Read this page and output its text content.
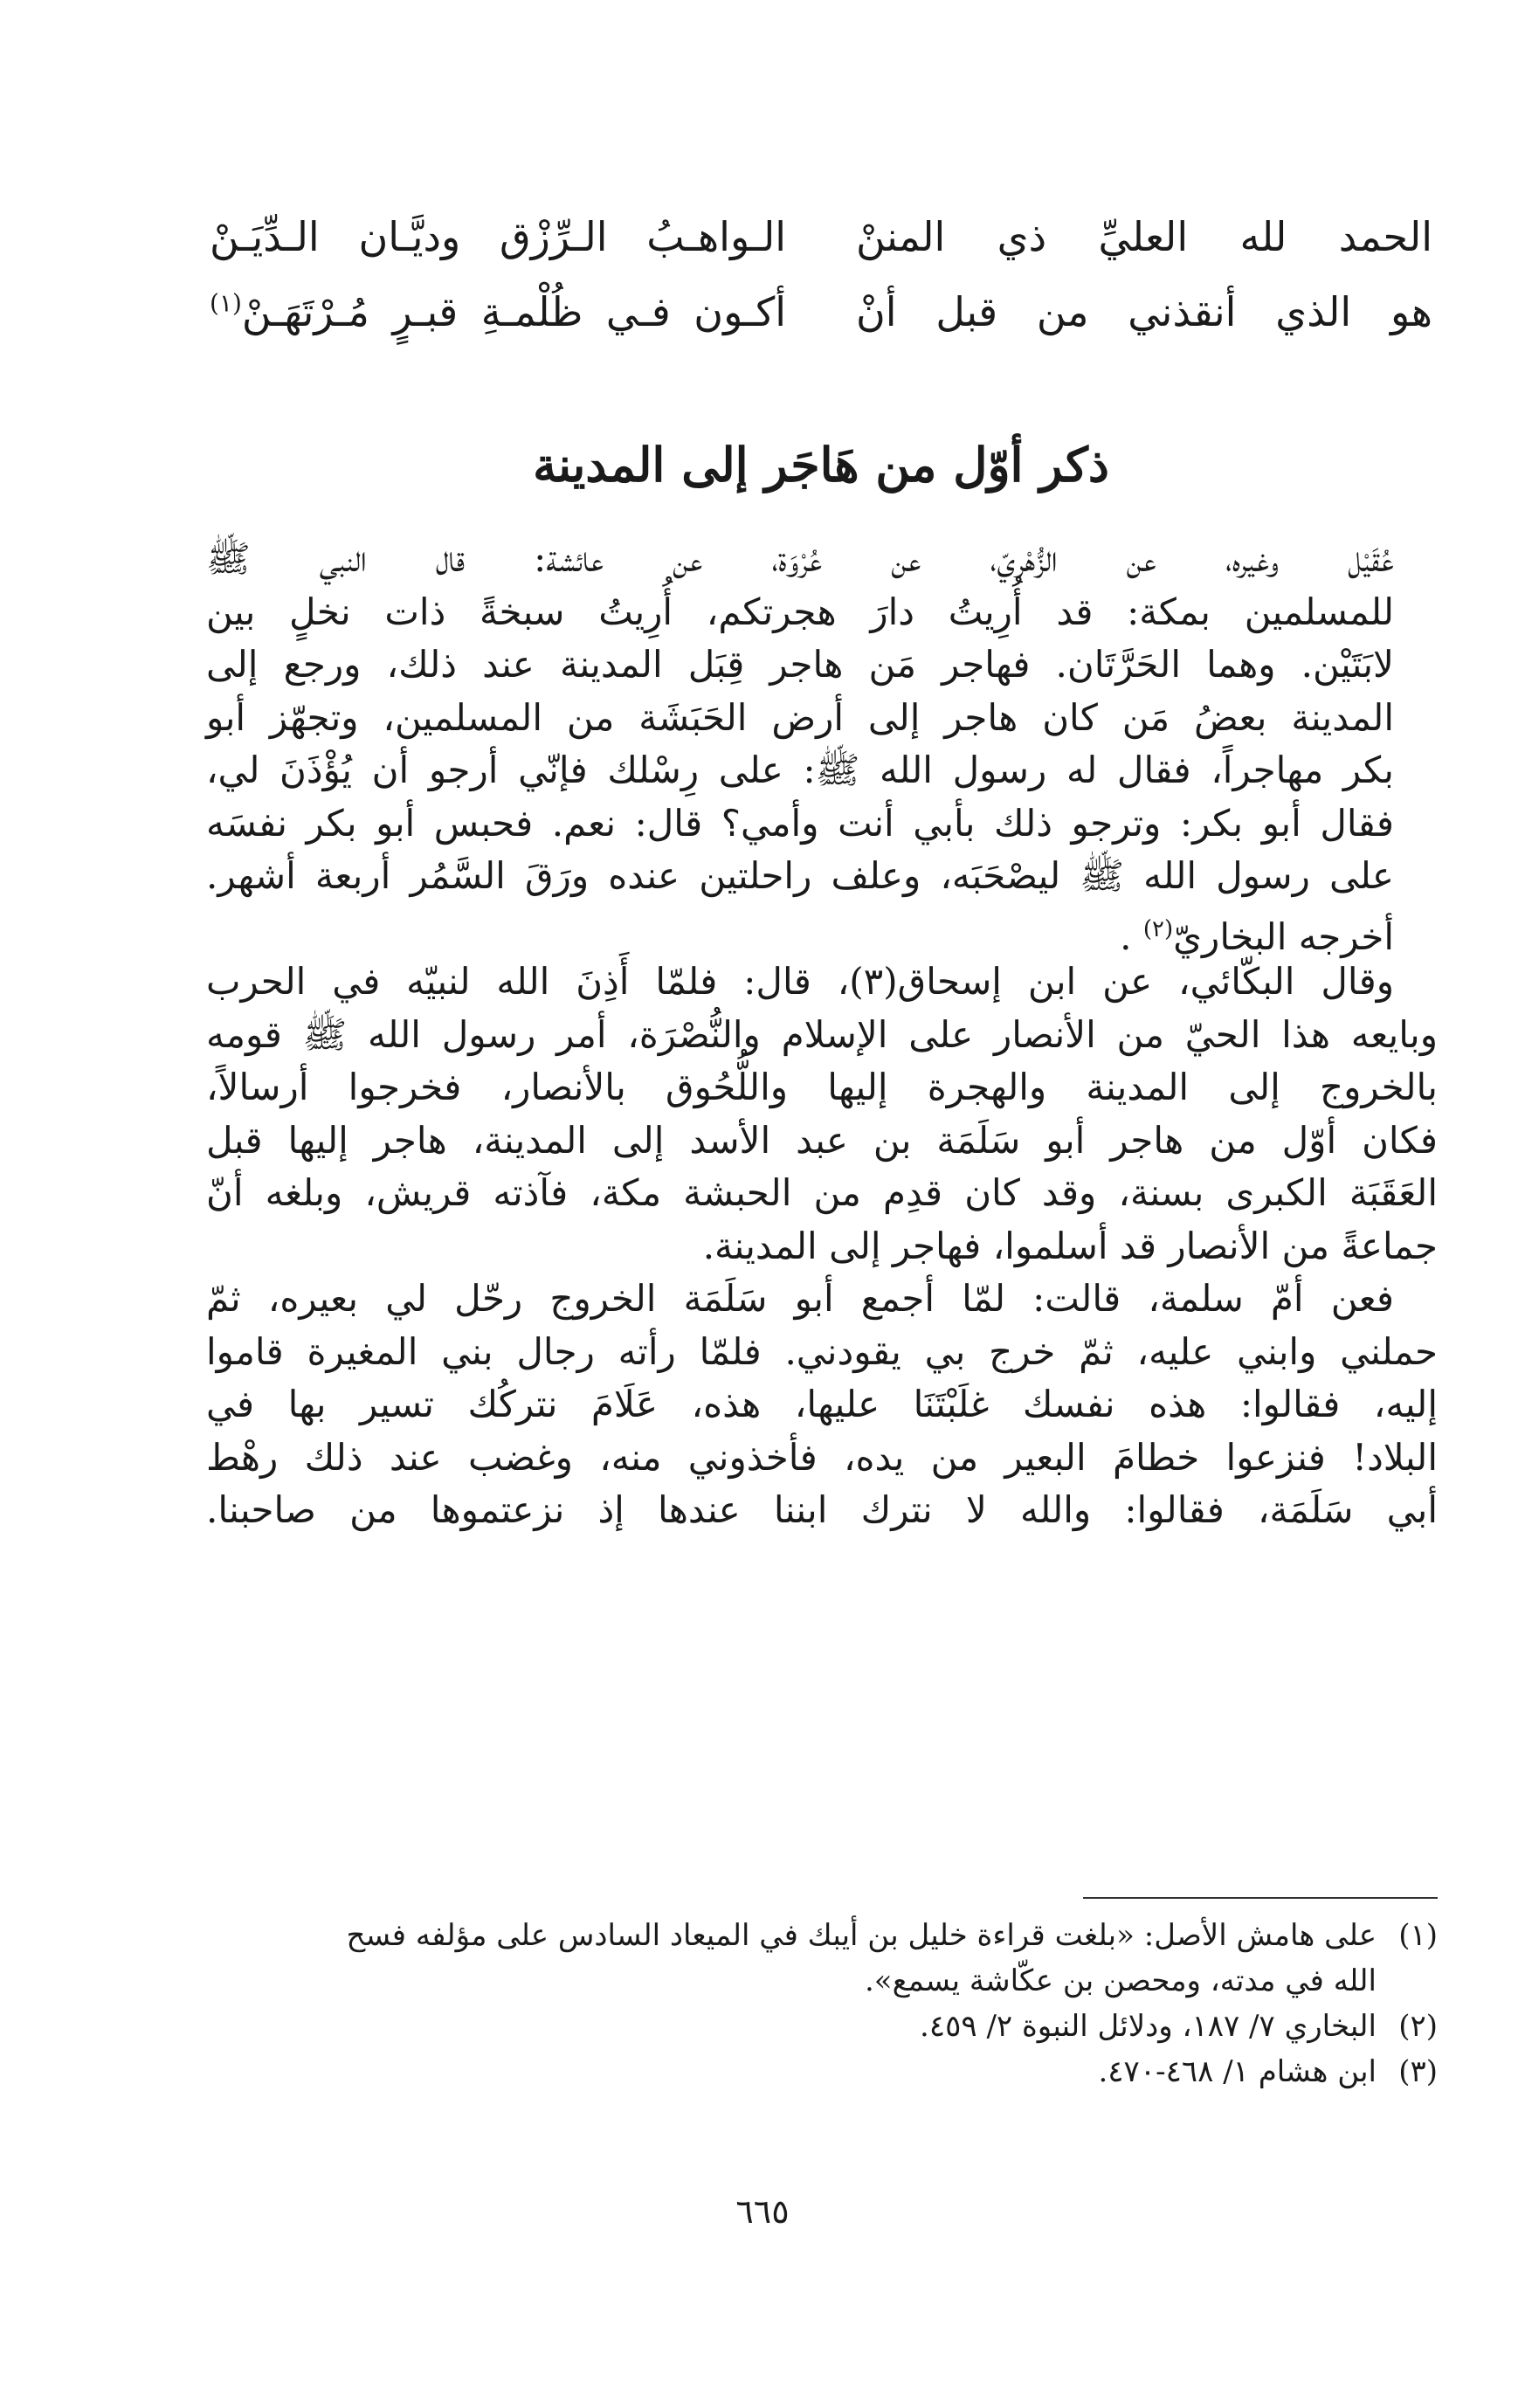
الحمد لله العليِّ ذي المننْ
الـواهـبُ الـرِّزْق وديَّـان الـدِّيَـنْ
هو الذي أنقذني من قبل أنْ
أكـون فـي ظُلْمـةِ قبـرٍ مُـرْتَهَـنْ$^{(١)}$
ذكر أوّل من هَاجَر إلى المدينة
عُقَيْل وغيره، عن الزُّهْرِيّ، عن عُرْوَة، عن عائشة: قال النبي ﷺ
للمسلمين بمكة: قد أُرِيتُ دارَ هجرتكم، أُرِيتُ سبخةً ذات نخلٍ بين
لابَتَيْن. وهما الحَرَّتَان. فهاجر مَن هاجر قِبَل المدينة عند ذلك، ورجع إلى
المدينة بعضُ مَن كان هاجر إلى أرض الحَبَشَة من المسلمين، وتجهّز أبو
بكر مهاجراً، فقال له رسول الله ﷺ: على رِسْلك فإنّي أرجو أن يُؤْذَنَ لي،
فقال أبو بكر: وترجو ذلك بأبي أنت وأمي؟ قال: نعم. فحبس أبو بكر نفسَه
على رسول الله ﷺ ليصْحَبَه، وعلف راحلتين عنده ورَقَ السَّمُر أربعة أشهر.
أخرجه البخاريّ$^{(٢)}$ .
وقال البكّائي، عن ابن إسحاق(٣)، قال: فلمّا أَذِنَ الله لنبيّه في الحرب
وبايعه هذا الحيّ من الأنصار على الإسلام والنُّصْرَة، أمر رسول الله ﷺ قومه
بالخروج إلى المدينة والهجرة إليها واللُّحُوق بالأنصار، فخرجوا أرسالاً،
فكان أوّل من هاجر أبو سَلَمَة بن عبد الأسد إلى المدينة، هاجر إليها قبل
العَقَبَة الكبرى بسنة، وقد كان قدِم من الحبشة مكة، فآذته قريش، وبلغه أنّ
جماعةً من الأنصار قد أسلموا، فهاجر إلى المدينة.
فعن أمّ سلمة، قالت: لمّا أجمع أبو سَلَمَة الخروج رحّل لي بعيره، ثمّ
حملني وابني عليه، ثمّ خرج بي يقودني. فلمّا رأته رجال بني المغيرة قاموا
إليه، فقالوا: هذه نفسك غلَبْتَنَا عليها، هذه، عَلَامَ نتركُك تسير بها في
البلاد! فنزعوا خطامَ البعير من يده، فأخذوني منه، وغضب عند ذلك رهْط
أبي سَلَمَة، فقالوا: والله لا نترك ابننا عندها إذ نزعتموها من صاحبنا.
(١)
على هامش الأصل: «بلغت قراءة خليل بن أيبك في الميعاد السادس على مؤلفه فسح
الله في مدته، ومحصن بن عكّاشة يسمع».
(٢)
البخاري ٧/ ١٨٧، ودلائل النبوة ٢/ ٤٥٩.
(٣)
ابن هشام ١/ ٤٦٨-٤٧٠.
٦٦٥
